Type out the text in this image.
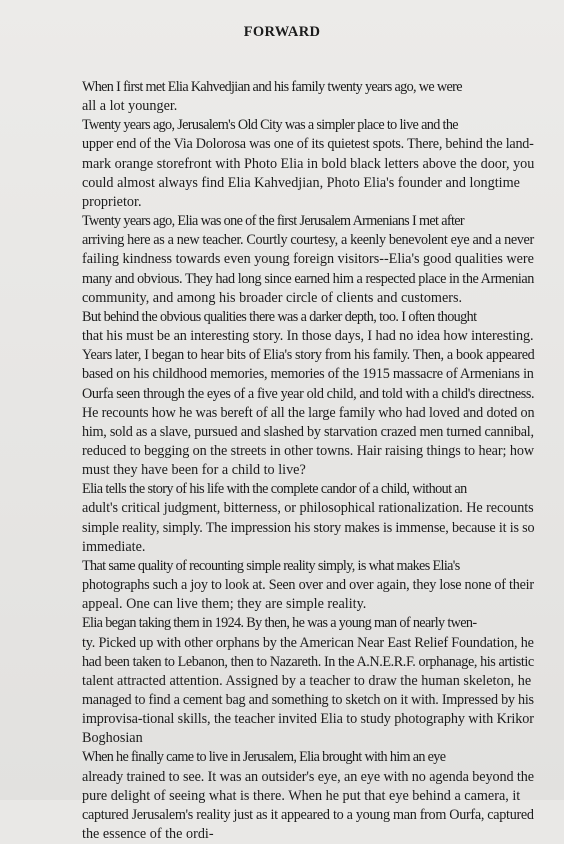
FORWARD

When I first met Elia Kahvedjian and his family twenty years ago, we were
all a lot younger.

Twenty years ago, Jerusalem's Old City was a simpler place to live and the
upper end of the Via Dolorosa was one of its quietest spots. There, behind the land-
mark orange storefront with Photo Elia in bold black letters above the door, you
could almost always find Elia Kahvedjian, Photo Elia's founder and longtime
proprietor.

Twenty years ago, Elia was one of the first Jerusalem Armenians I met after
arriving here as a new teacher. Courtly courtesy, a keenly benevolent eye and a never
failing kindness towards even young foreign visitors--Elia's good qualities were
many and obvious. They had long since earned him a respected place in the Armenian
community, and among his broader circle of clients and customers.

But behind the obvious qualities there was a darker depth, too. I often thought
that his must be an interesting story. In those days, I had no idea how interesting.
Years later, I began to hear bits of Elia's story from his family. Then, a book appeared
based on his childhood memories, memories of the 1915 massacre of Armenians in
Ourfa seen through the eyes of a five year old child, and told with a child's directness.
He recounts how he was bereft of all the large family who had loved and doted on
him, sold as a slave, pursued and slashed by starvation crazed men turned cannibal,
reduced to begging on the streets in other towns. Hair raising things to hear; how
must they have been for a child to live?

Elia tells the story of his life with the complete candor of a child, without an
adult's critical judgment, bitterness, or philosophical rationalization. He recounts
simple reality, simply. The impression his story makes is immense, because it is so
immediate.

That same quality of recounting simple reality simply, is what makes Elia's
photographs such a joy to look at. Seen over and over again, they lose none of their
appeal. One can live them; they are simple reality.

Elia began taking them in 1924. By then, he was a young man of nearly twen-
ty. Picked up with other orphans by the American Near East Relief Foundation, he
had been taken to Lebanon, then to Nazareth. In the A.N.E.R.F. orphanage, his artistic
talent attracted attention. Assigned by a teacher to draw the human skeleton, he
managed to find a cement bag and something to sketch on it with. Impressed by his
improvisa-tional skills, the teacher invited Elia to study photography with Krikor
Boghosian

When he finally came to live in Jerusalem, Elia brought with him an eye
already trained to see. It was an outsider's eye, an eye with no agenda beyond the
pure delight of seeing what is there. When he put that eye behind a camera, it
captured Jerusalem's reality just as it appeared to a young man from Ourfa, captured
the essence of the ordi-
